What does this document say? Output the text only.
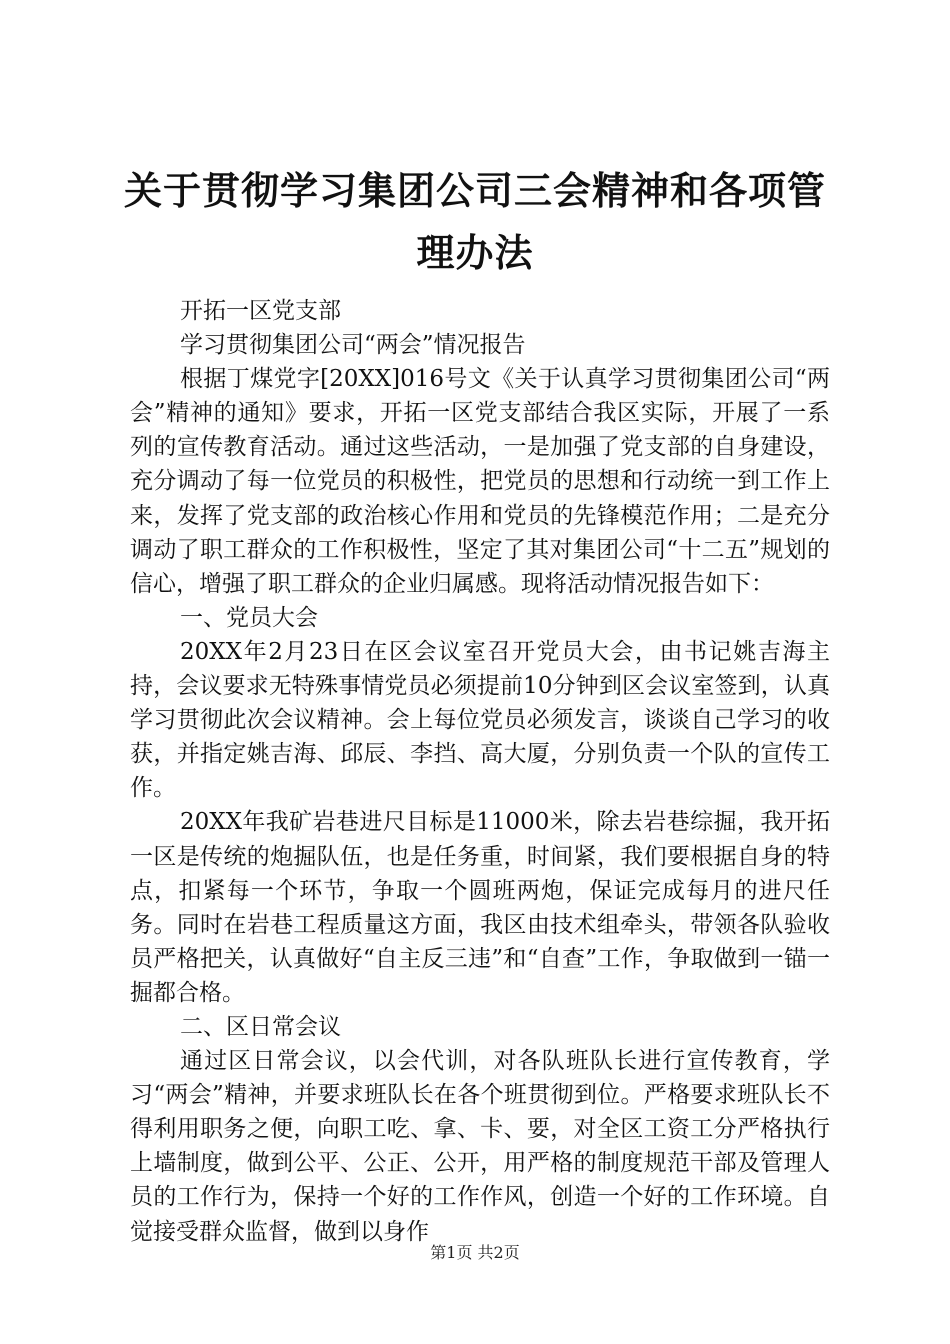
关于贯彻学习集团公司三会精神和各项管理办法

开拓一区党支部

学习贯彻集团公司“两会”情况报告

根据丁煤党字[20XX]016号文《关于认真学习贯彻集团公司“两会”精神的通知》要求，开拓一区党支部结合我区实际，开展了一系列的宣传教育活动。通过这些活动，一是加强了党支部的自身建设，充分调动了每一位党员的积极性，把党员的思想和行动统一到工作上来，发挥了党支部的政治核心作用和党员的先锋模范作用；二是充分调动了职工群众的工作积极性，坚定了其对集团公司“十二五”规划的信心，增强了职工群众的企业归属感。现将活动情况报告如下：

一、党员大会

20XX年2月23日在区会议室召开党员大会，由书记姚吉海主持，会议要求无特殊事情党员必须提前10分钟到区会议室签到，认真学习贯彻此次会议精神。会上每位党员必须发言，谈谈自己学习的收获，并指定姚吉海、邱辰、李挡、高大厦，分别负责一个队的宣传工作。

20XX年我矿岩巷进尺目标是11000米，除去岩巷综掘，我开拓一区是传统的炮掘队伍，也是任务重，时间紧，我们要根据自身的特点，扣紧每一个环节，争取一个圆班两炮，保证完成每月的进尺任务。同时在岩巷工程质量这方面，我区由技术组牵头，带领各队验收员严格把关，认真做好“自主反三违”和“自查”工作，争取做到一锚一掘都合格。

二、区日常会议

通过区日常会议，以会代训，对各队班队长进行宣传教育，学习“两会”精神，并要求班队长在各个班贯彻到位。严格要求班队长不得利用职务之便，向职工吃、拿、卡、要，对全区工资工分严格执行上墙制度，做到公平、公正、公开，用严格的制度规范干部及管理人员的工作行为，保持一个好的工作作风，创造一个好的工作环境。自觉接受群众监督，做到以身作

第1页 共2页
